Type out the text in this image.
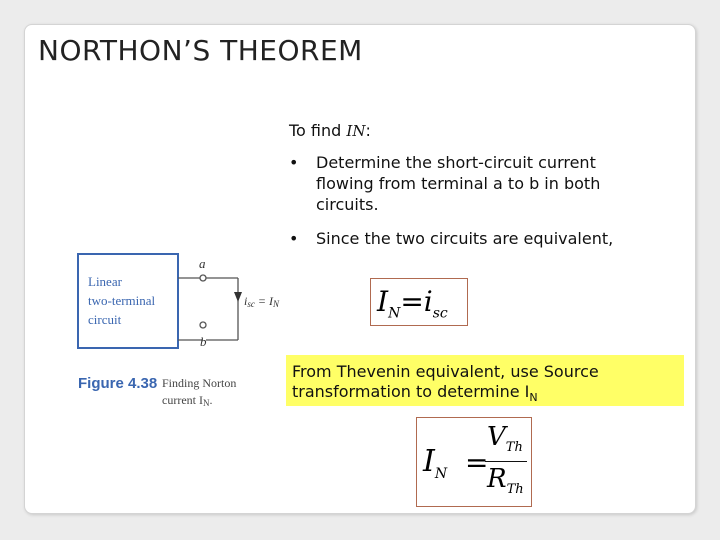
NORTHON’S THEOREM
To find IN:
• Determine the short-circuit current
flowing from terminal a to b in both
circuits.
• Since the two circuits are equivalent,
Linear
two-terminal
circuit
a
b
isc = IN
Figure 4.38 Finding Norton
current IN.
$I_N=i_{sc}$
From Thevenin equivalent, use Source
transformation to determine $I_N$
$I_N$ =
$V_{Th}$
$R_{Th}$
